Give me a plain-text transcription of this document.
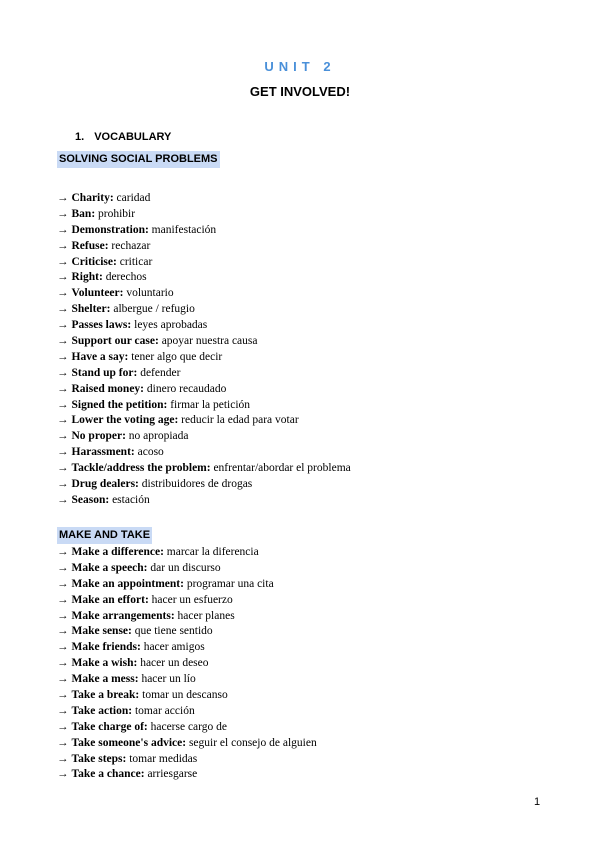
UNIT 2
GET INVOLVED!
1. VOCABULARY
SOLVING SOCIAL PROBLEMS
→ Charity: caridad
→ Ban: prohibir
→ Demonstration: manifestación
→ Refuse: rechazar
→ Criticise: criticar
→ Right: derechos
→ Volunteer: voluntario
→ Shelter: albergue / refugio
→ Passes laws: leyes aprobadas
→ Support our case: apoyar nuestra causa
→ Have a say: tener algo que decir
→ Stand up for: defender
→ Raised money: dinero recaudado
→ Signed the petition: firmar la petición
→ Lower the voting age: reducir la edad para votar
→ No proper: no apropiada
→ Harassment: acoso
→ Tackle/address the problem: enfrentar/abordar el problema
→ Drug dealers: distribuidores de drogas
→ Season: estación
MAKE AND TAKE
→ Make a difference: marcar la diferencia
→ Make a speech: dar un discurso
→ Make an appointment: programar una cita
→ Make an effort: hacer un esfuerzo
→ Make arrangements: hacer planes
→ Make sense: que tiene sentido
→ Make friends: hacer amigos
→ Make a wish: hacer un deseo
→ Make a mess: hacer un lío
→ Take a break: tomar un descanso
→ Take action: tomar acción
→ Take charge of: hacerse cargo de
→ Take someone's advice: seguir el consejo de alguien
→ Take steps: tomar medidas
→ Take a chance: arriesgarse
1
